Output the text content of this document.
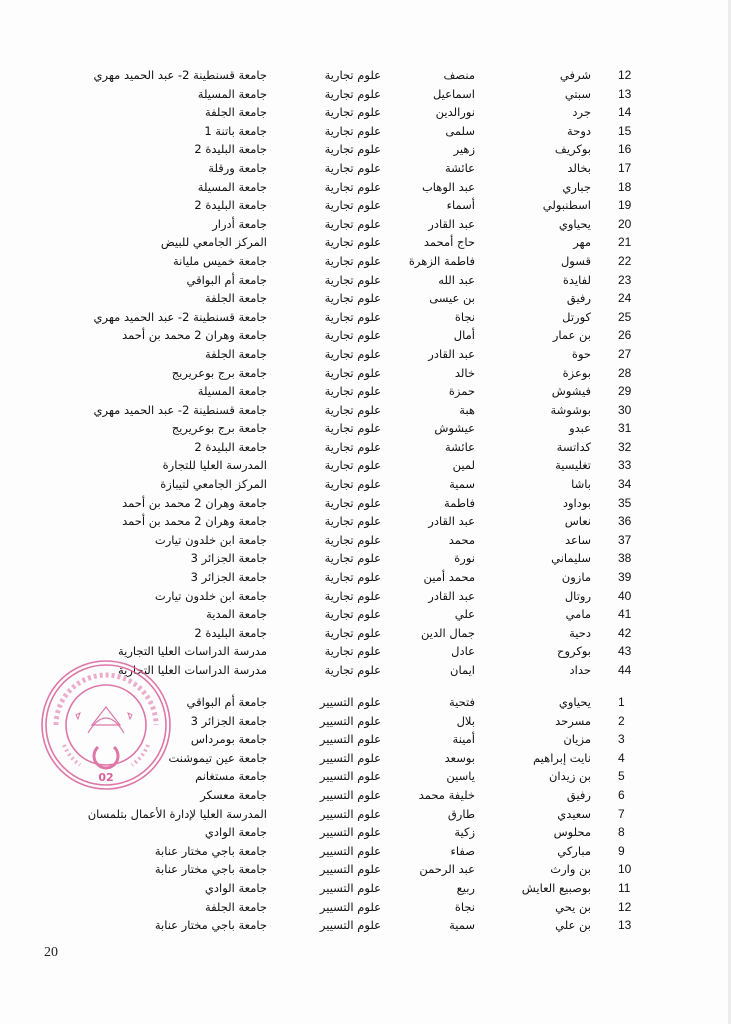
12
شرفي
منصف
علوم تجارية
جامعة قسنطينة 2- عبد الحميد مهري
13
سبتي
اسماعيل
علوم تجارية
جامعة المسيلة
14
جرد
نورالدين
علوم تجارية
جامعة الجلفة
15
دوحة
سلمى
علوم تجارية
جامعة باتنة 1
16
بوكريف
زهير
علوم تجارية
جامعة البليدة 2
17
بخالد
عائشة
علوم تجارية
جامعة ورقلة
18
جباري
عبد الوهاب
علوم تجارية
جامعة المسيلة
19
اسطنبولي
أسماء
علوم تجارية
جامعة البليدة 2
20
يحياوي
عبد القادر
علوم تجارية
جامعة أدرار
21
مهر
حاج أمحمد
علوم تجارية
المركز الجامعي للبيض
22
قسول
فاطمة الزهرة
علوم تجارية
جامعة خميس مليانة
23
لفايدة
عبد الله
علوم تجارية
جامعة أم البواقي
24
رفيق
بن عيسى
علوم تجارية
جامعة الجلفة
25
كورتل
نجاة
علوم تجارية
جامعة قسنطينة 2- عبد الحميد مهري
26
بن عمار
أمال
علوم تجارية
جامعة وهران 2 محمد بن أحمد
27
حوة
عبد القادر
علوم تجارية
جامعة الجلفة
28
بوعزة
خالد
علوم تجارية
جامعة برج بوعريريج
29
فيشوش
حمزة
علوم تجارية
جامعة المسيلة
30
بوشوشة
هبة
علوم تجارية
جامعة قسنطينة 2- عبد الحميد مهري
31
عبدو
عيشوش
علوم تجارية
جامعة برج بوعريريج
32
كداتسة
عائشة
علوم تجارية
جامعة البليدة 2
33
تغليسية
لمين
علوم تجارية
المدرسة العليا للتجارة
34
باشا
سمية
علوم تجارية
المركز الجامعي لتيبازة
35
بوداود
فاطمة
علوم تجارية
جامعة وهران 2 محمد بن أحمد
36
نعاس
عبد القادر
علوم تجارية
جامعة وهران 2 محمد بن أحمد
37
ساعد
محمد
علوم تجارية
جامعة ابن خلدون تيارت
38
سليماني
نورة
علوم تجارية
جامعة الجزائر 3
39
مازون
محمد أمين
علوم تجارية
جامعة الجزائر 3
40
روتال
عبد القادر
علوم تجارية
جامعة ابن خلدون تيارت
41
مامي
علي
علوم تجارية
جامعة المدية
42
دحية
جمال الدين
علوم تجارية
جامعة البليدة 2
43
بوكروح
عادل
علوم تجارية
مدرسة الدراسات العليا التجارية
44
حداد
ايمان
علوم تجارية
مدرسة الدراسات العليا التجارية
02
1
يحياوي
فتحية
علوم التسيير
جامعة أم البواقي
2
مسرحد
بلال
علوم التسيير
جامعة الجزائر 3
3
مزيان
أمينة
علوم التسيير
جامعة بومرداس
4
نايت إبراهيم
بوسعد
علوم التسيير
جامعة عين تيموشنت
5
بن زيدان
ياسين
علوم التسيير
جامعة مستغانم
6
رفيق
خليفة محمد
علوم التسيير
جامعة معسكر
7
سعيدي
طارق
علوم التسيير
المدرسة العليا لإدارة الأعمال بتلمسان
8
محلوس
زكية
علوم التسيير
جامعة الوادي
9
مباركي
صفاء
علوم التسيير
جامعة باجي مختار عنابة
10
بن وارث
عبد الرحمن
علوم التسيير
جامعة باجي مختار عنابة
11
بوصبيع العايش
ربيع
علوم التسيير
جامعة الوادي
12
بن يحي
نجاة
علوم التسيير
جامعة الجلفة
13
بن علي
سمية
علوم التسيير
جامعة باجي مختار عنابة
20
